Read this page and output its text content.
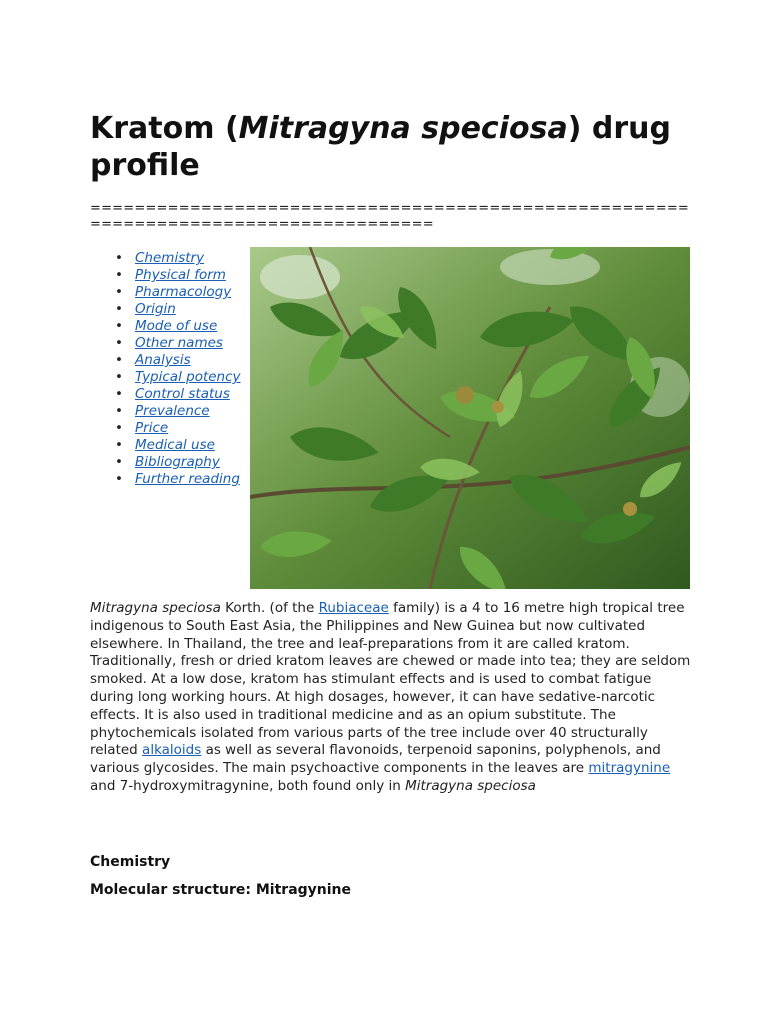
Kratom (Mitragyna speciosa) drug profile
=====================================================================================
• Chemistry
• Physical form
• Pharmacology
• Origin
• Mode of use
• Other names
• Analysis
• Typical potency
• Control status
• Prevalence
• Price
• Medical use
• Bibliography
• Further reading
Mitragyna speciosa Korth. (of the Rubiaceae family) is a 4 to 16 metre high tropical tree indigenous to South East Asia, the Philippines and New Guinea but now cultivated elsewhere. In Thailand, the tree and leaf-preparations from it are called kratom. Traditionally, fresh or dried kratom leaves are chewed or made into tea; they are seldom smoked. At a low dose, kratom has stimulant effects and is used to combat fatigue during long working hours. At high dosages, however, it can have sedative-narcotic effects. It is also used in traditional medicine and as an opium substitute. The phytochemicals isolated from various parts of the tree include over 40 structurally related alkaloids as well as several flavonoids, terpenoid saponins, polyphenols, and various glycosides. The main psychoactive components in the leaves are mitragynine and 7-hydroxymitragynine, both found only in Mitragyna speciosa
Chemistry
Molecular structure: Mitragynine
